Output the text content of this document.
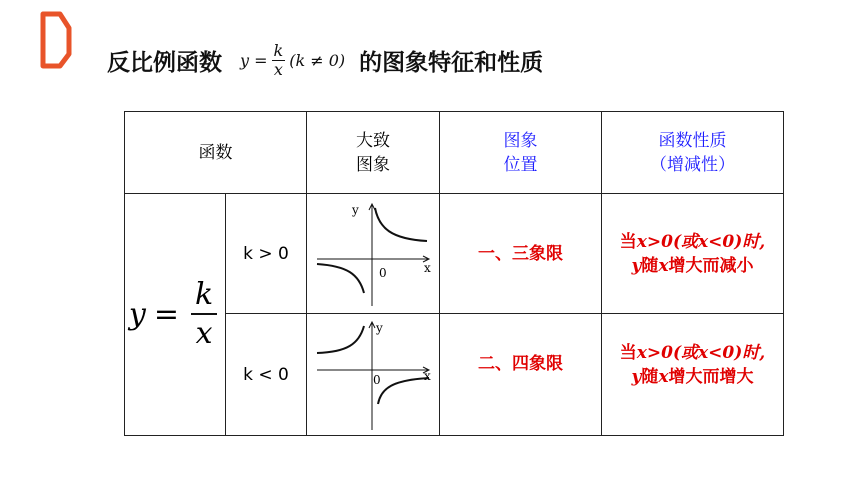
反比例函数 $y = \frac{k}{x} (k \ne 0)$ 的图象特征和性质
函数
大致
图象
图象
位置
函数性质
（增减性）
$y = \frac{k}{x}$
k > 0
y
x
0
一、三象限
当x>0(或x<0)时,
y随x增大而减小
k < 0
y
x
0
二、四象限
当x>0(或x<0)时,
y随x增大而增大
